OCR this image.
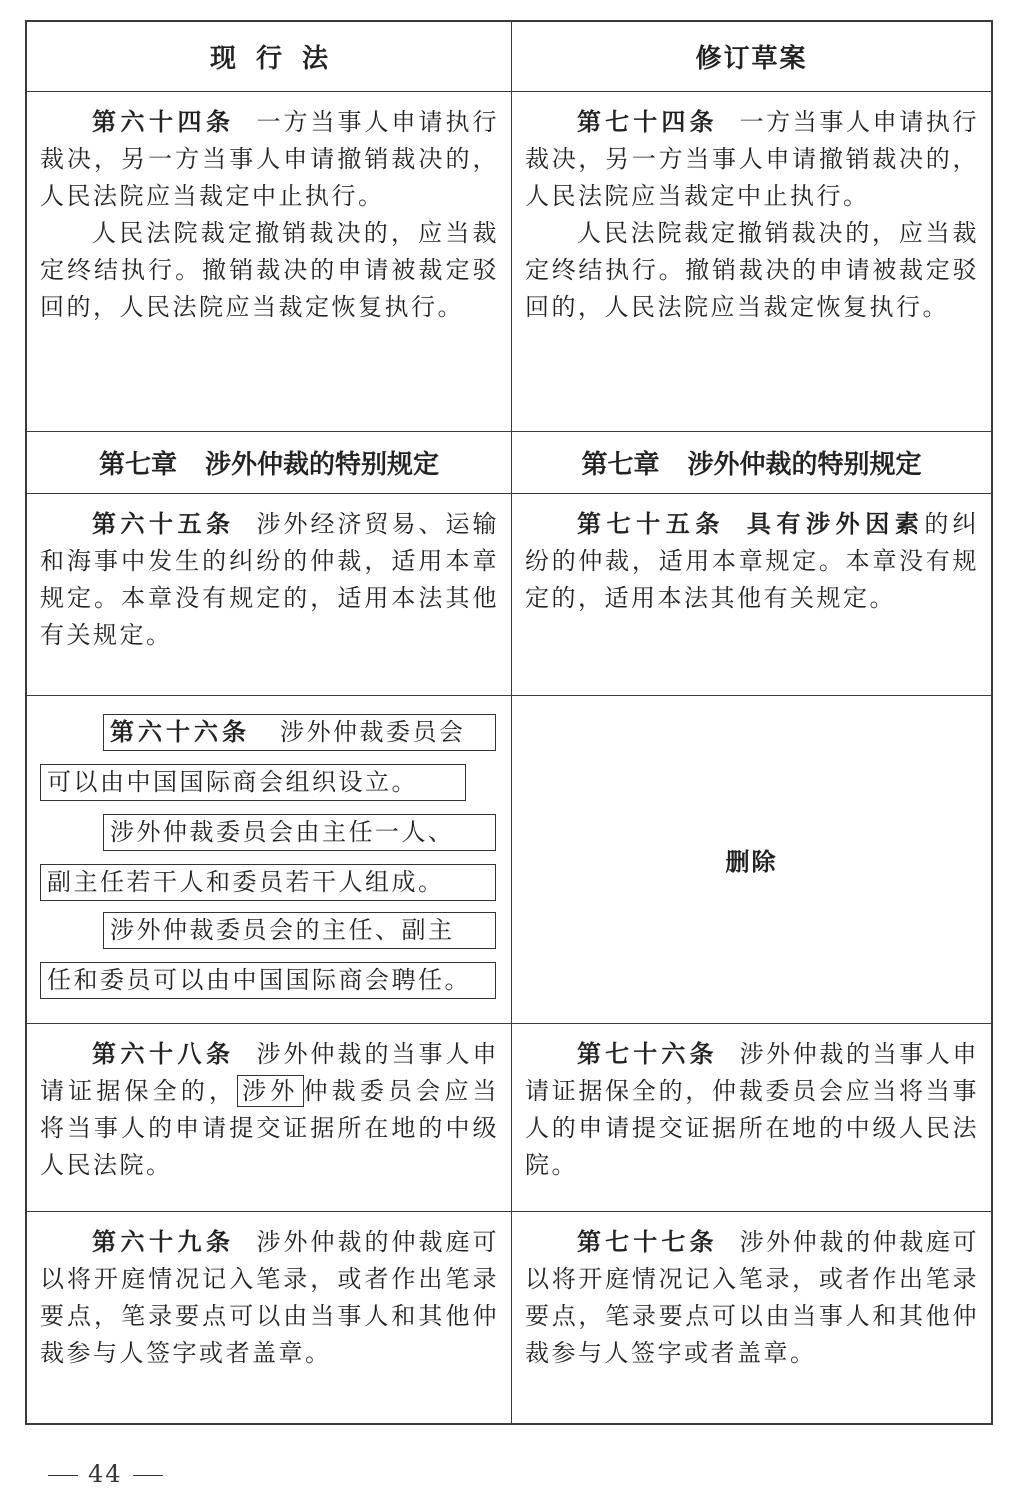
现行法	修订草案

第六十四条 一方当事人申请执行裁决，另一方当事人申请撤销裁决的，人民法院应当裁定中止执行。

人民法院裁定撤销裁决的，应当裁定终结执行。撤销裁决的申请被裁定驳回的，人民法院应当裁定恢复执行。

第七十四条 一方当事人申请执行裁决，另一方当事人申请撤销裁决的，人民法院应当裁定中止执行。

人民法院裁定撤销裁决的，应当裁定终结执行。撤销裁决的申请被裁定驳回的，人民法院应当裁定恢复执行。

第七章 涉外仲裁的特别规定	第七章 涉外仲裁的特别规定

第六十五条 涉外经济贸易、运输和海事中发生的纠纷的仲裁，适用本章规定。本章没有规定的，适用本法其他有关规定。

第七十五条 具有涉外因素的纠纷的仲裁，适用本章规定。本章没有规定的，适用本法其他有关规定。

第六十六条 涉外仲裁委员会
可以由中国国际商会组织设立。
涉外仲裁委员会由主任一人、
副主任若干人和委员若干人组成。
涉外仲裁委员会的主任、副主
任和委员可以由中国国际商会聘任。
删除

第六十八条 涉外仲裁的当事人申请证据保全的， 涉外 仲裁委员会应当将当事人的申请提交证据所在地的中级人民法院。

第七十六条 涉外仲裁的当事人申请证据保全的，仲裁委员会应当将当事人的申请提交证据所在地的中级人民法院。

第六十九条 涉外仲裁的仲裁庭可以将开庭情况记入笔录，或者作出笔录要点，笔录要点可以由当事人和其他仲裁参与人签字或者盖章。

第七十七条 涉外仲裁的仲裁庭可以将开庭情况记入笔录，或者作出笔录要点，笔录要点可以由当事人和其他仲裁参与人签字或者盖章。

44
